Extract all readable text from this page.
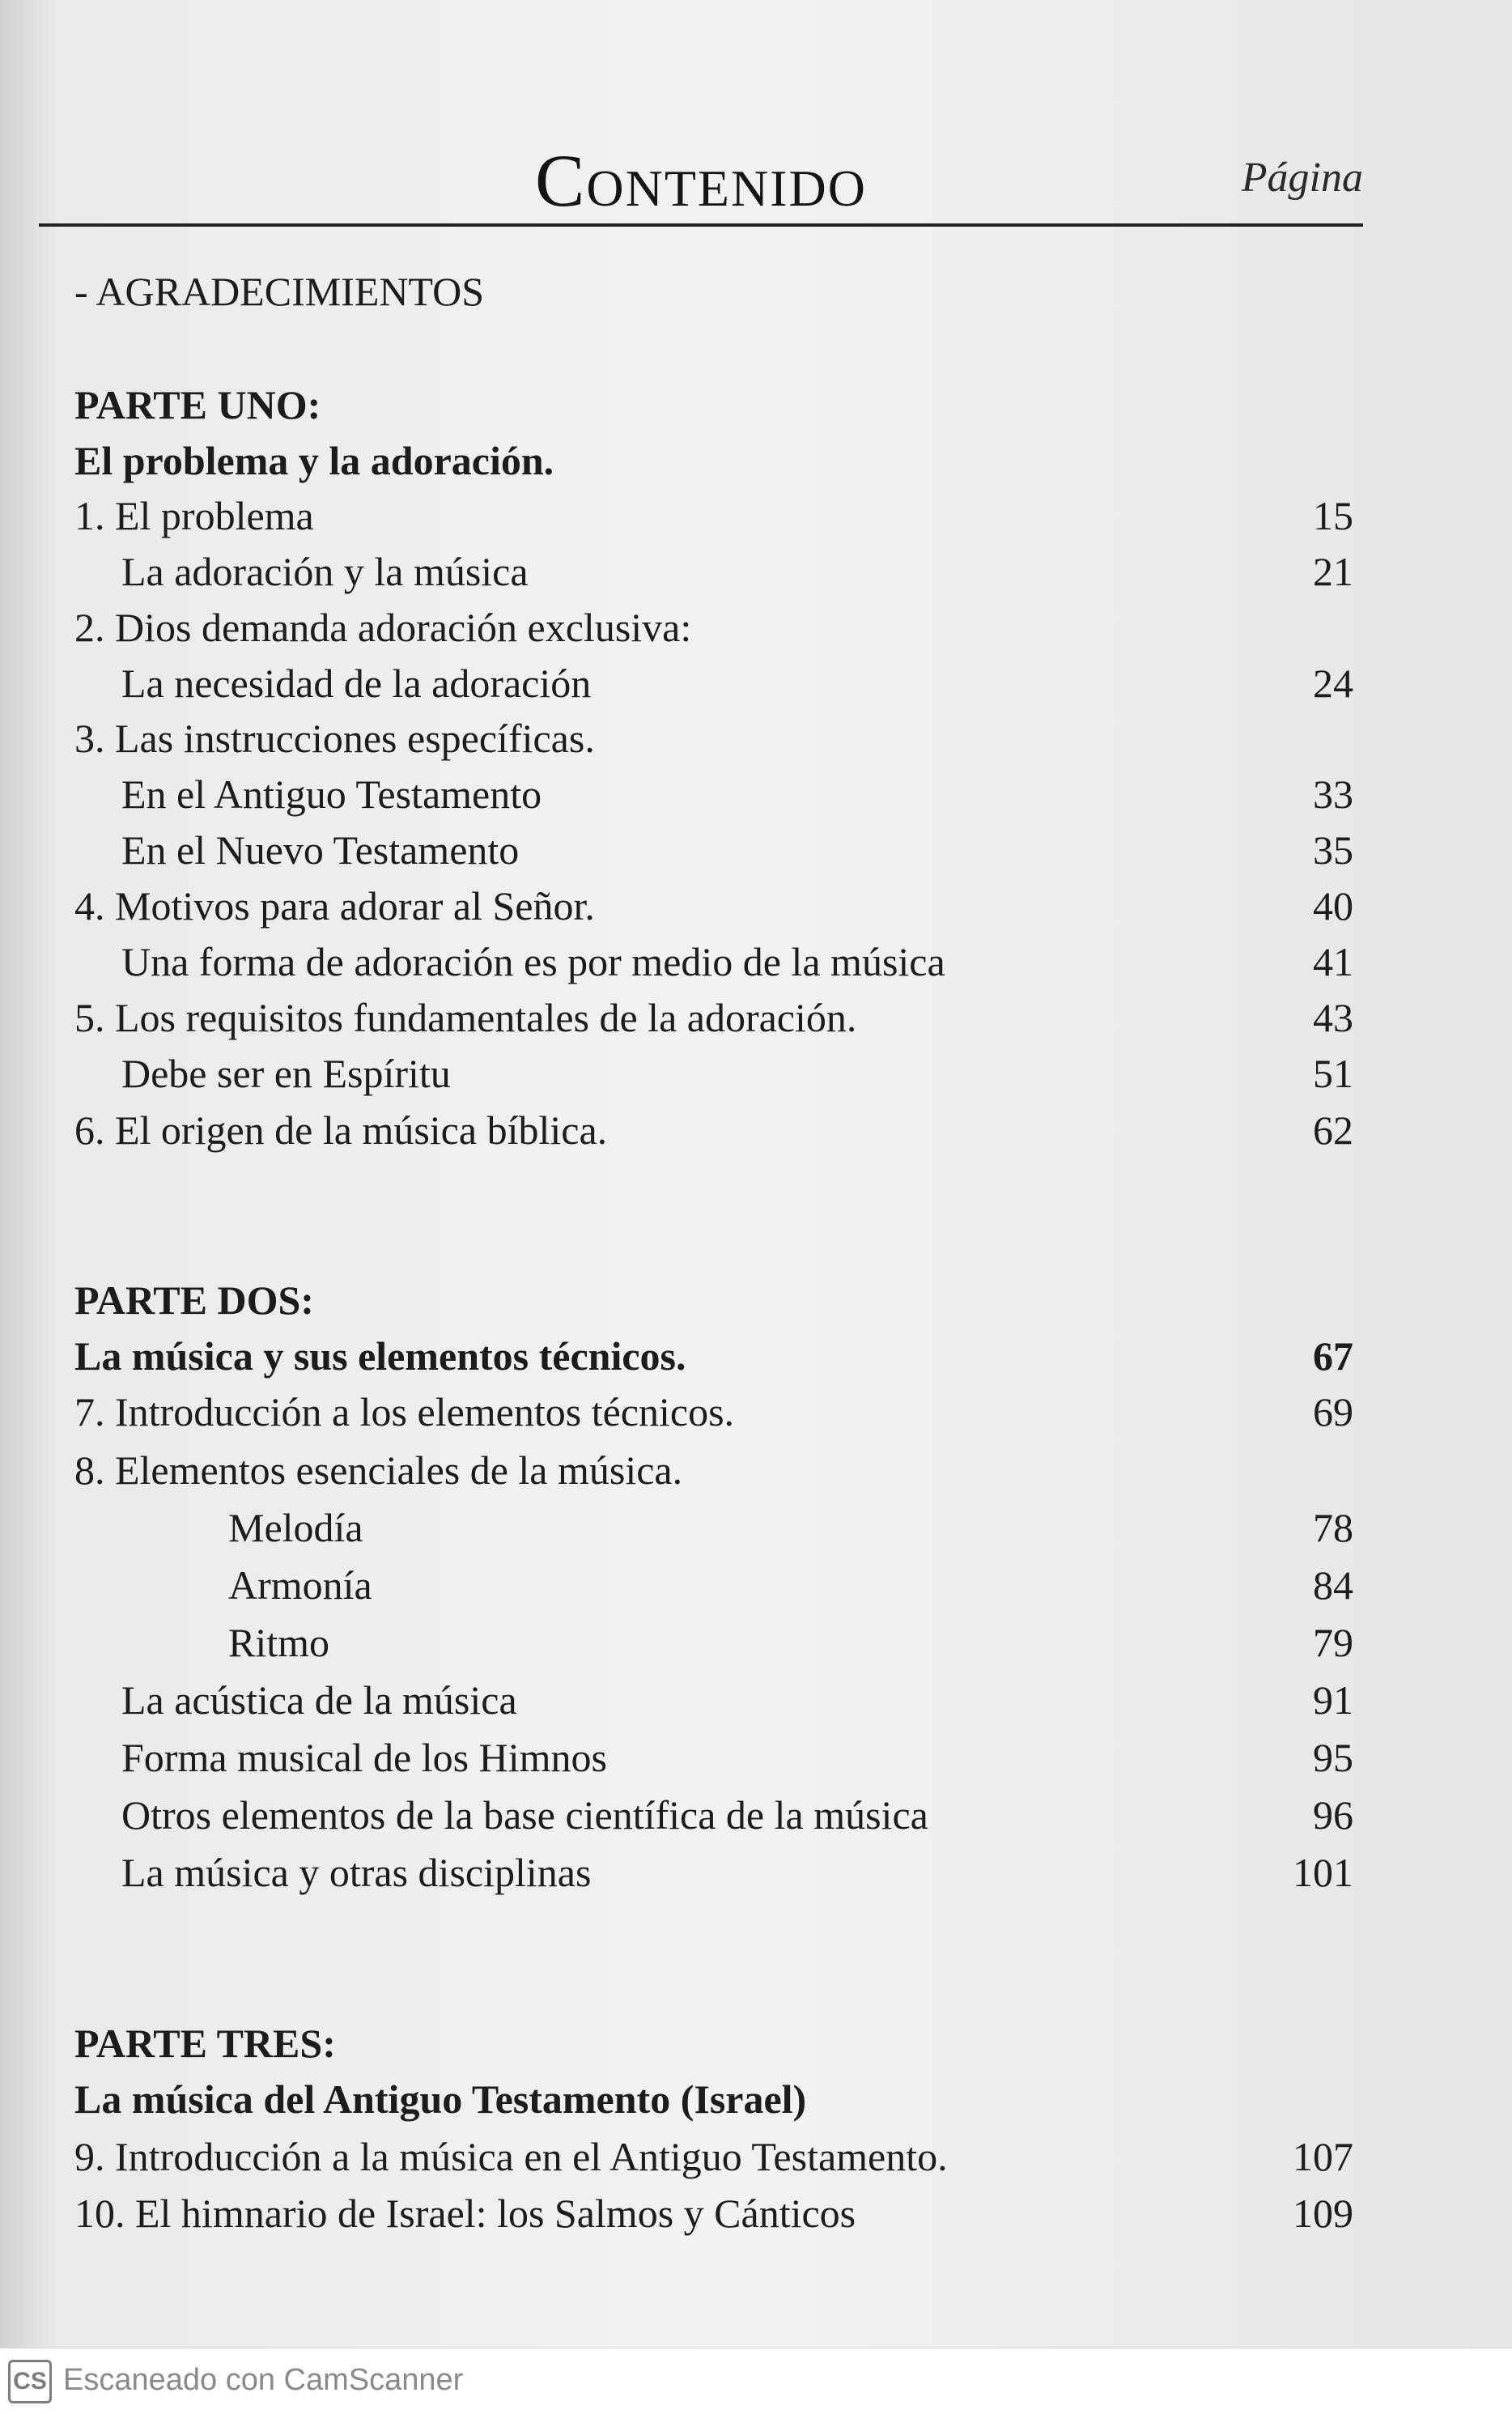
Contenido	Página
- AGRADECIMIENTOS
PARTE UNO:
El problema y la adoración.
1. El problema	15
La adoración y la música	21
2. Dios demanda adoración exclusiva:
La necesidad de la adoración	24
3. Las instrucciones específicas.
En el Antiguo Testamento	33
En el Nuevo Testamento	35
4. Motivos para adorar al Señor.	40
Una forma de adoración es por medio de la música	41
5. Los requisitos fundamentales de la adoración.	43
Debe ser en Espíritu	51
6. El origen de la música bíblica.	62
PARTE DOS:
La música y sus elementos técnicos.	67
7. Introducción a los elementos técnicos.	69
8. Elementos esenciales de la música.
Melodía	78
Armonía	84
Ritmo	79
La acústica de la música	91
Forma musical de los Himnos	95
Otros elementos de la base científica de la música	96
La música y otras disciplinas	101
PARTE TRES:
La música del Antiguo Testamento (Israel)
9. Introducción a la música en el Antiguo Testamento.	107
10. El himnario de Israel: los Salmos y Cánticos	109
CS Escaneado con CamScanner
